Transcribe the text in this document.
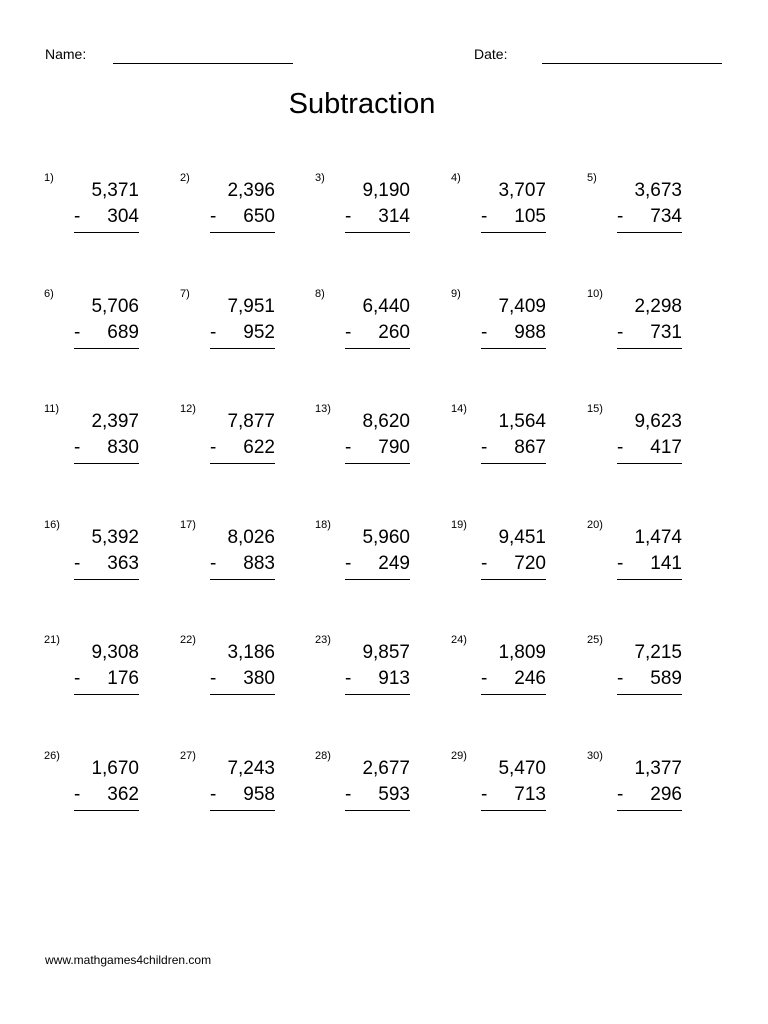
Name:	Date:
Subtraction
1)
5,371
-	304
2)
2,396
-	650
3)
9,190
-	314
4)
3,707
-	105
5)
3,673
-	734
6)
5,706
-	689
7)
7,951
-	952
8)
6,440
-	260
9)
7,409
-	988
10)
2,298
-	731
11)
2,397
-	830
12)
7,877
-	622
13)
8,620
-	790
14)
1,564
-	867
15)
9,623
-	417
16)
5,392
-	363
17)
8,026
-	883
18)
5,960
-	249
19)
9,451
-	720
20)
1,474
-	141
21)
9,308
-	176
22)
3,186
-	380
23)
9,857
-	913
24)
1,809
-	246
25)
7,215
-	589
26)
1,670
-	362
27)
7,243
-	958
28)
2,677
-	593
29)
5,470
-	713
30)
1,377
-	296
www.mathgames4children.com
